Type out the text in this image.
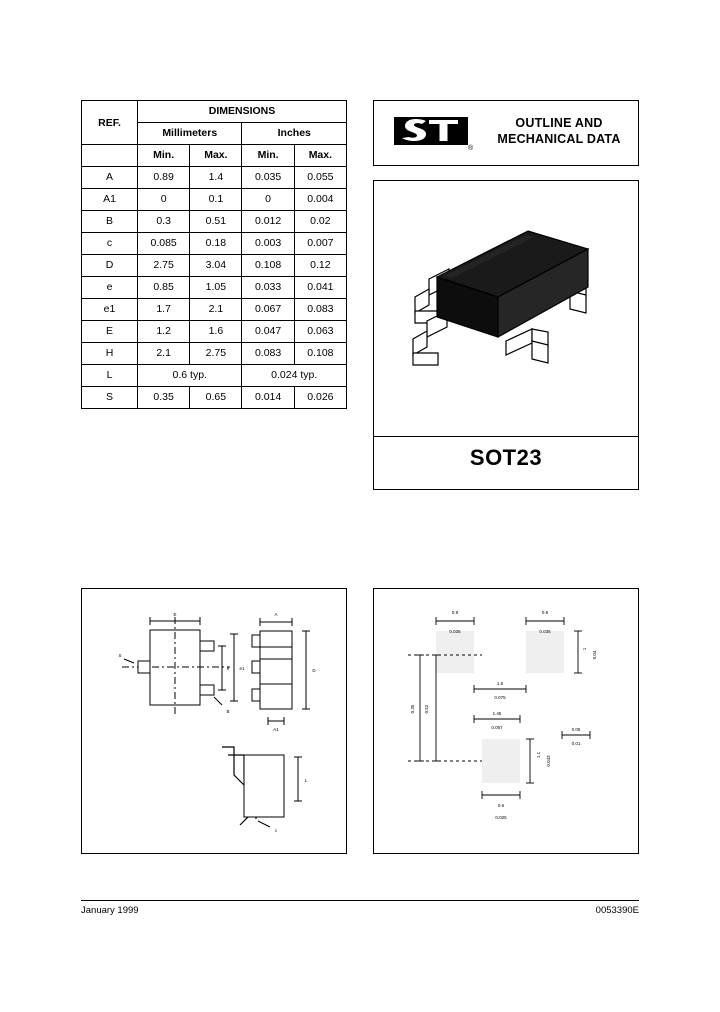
REF.	DIMENSIONS			
	Millimeters		Inches	
	Min.	Max.	Min.	Max.
A	0.89	1.4	0.035	0.055
A1	0	0.1	0	0.004
B	0.3	0.51	0.012	0.02
c	0.085	0.18	0.003	0.007
D	2.75	3.04	0.108	0.12
e	0.85	1.05	0.033	0.041
e1	1.7	2.1	0.067	0.083
E	1.2	1.6	0.047	0.063
H	2.1	2.75	0.083	0.108
L	0.6 typ.		0.024 typ.	
S	0.35	0.65	0.014	0.026
®
OUTLINE AND
MECHANICAL DATA
SOT23
E
e e1
B
S
A
D
A1
L
c
0.9
0.035
0.9
0.035
1.9
0.075
1.45
0.057
0.35 0.52
1
0.04
0.05
0.01
1.1
0.043
0.6
0.025
January 1999	0053390E
